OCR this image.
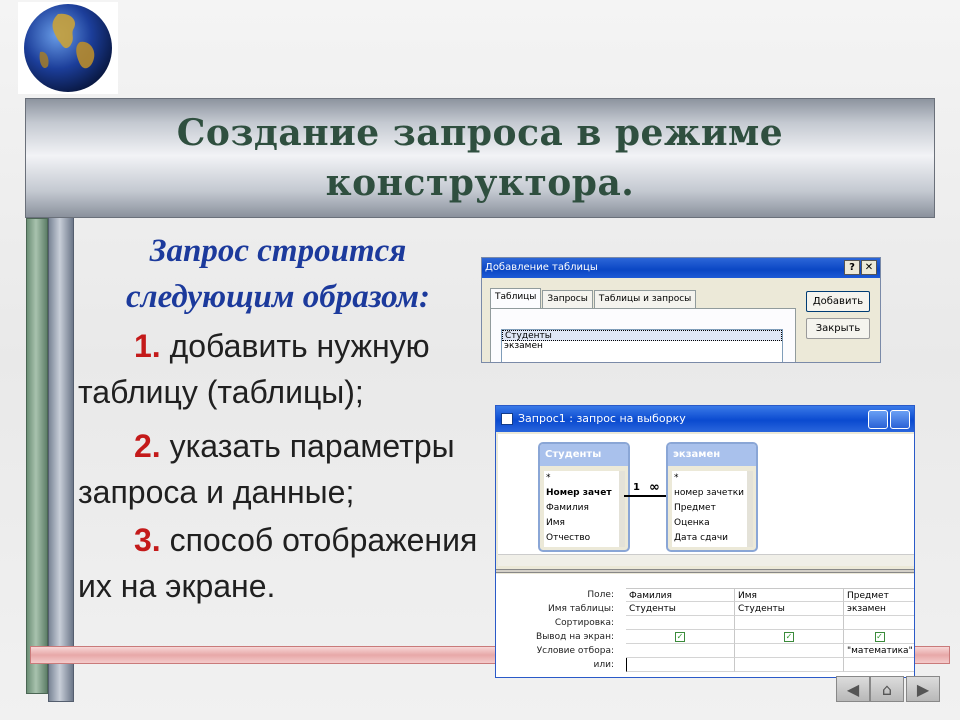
Создание запроса в режиме конструктора.
Запрос строится следующим образом:
1. добавить нужную таблицу (таблицы);
2. указать параметры запроса и данные;
3. способ отображения их на экране.
Добавление таблицы	? ✕
Таблицы	Запросы	Таблицы и запросы
Студенты
экзамен
Добавить
Закрыть
Запрос1 : запрос на выборку
Студенты
*
Номер зачет
Фамилия
Имя
Отчество
1 ∞
экзамен
*
номер зачетки
Предмет
Оценка
Дата сдачи
Поле:
Имя таблицы:
Сортировка:
Вывод на экран:
Условие отбора:
или:
Фамилия
Студенты
✓
Имя
Студенты
✓
Предмет
экзамен
✓
"математика"
◀	⌂	▶
